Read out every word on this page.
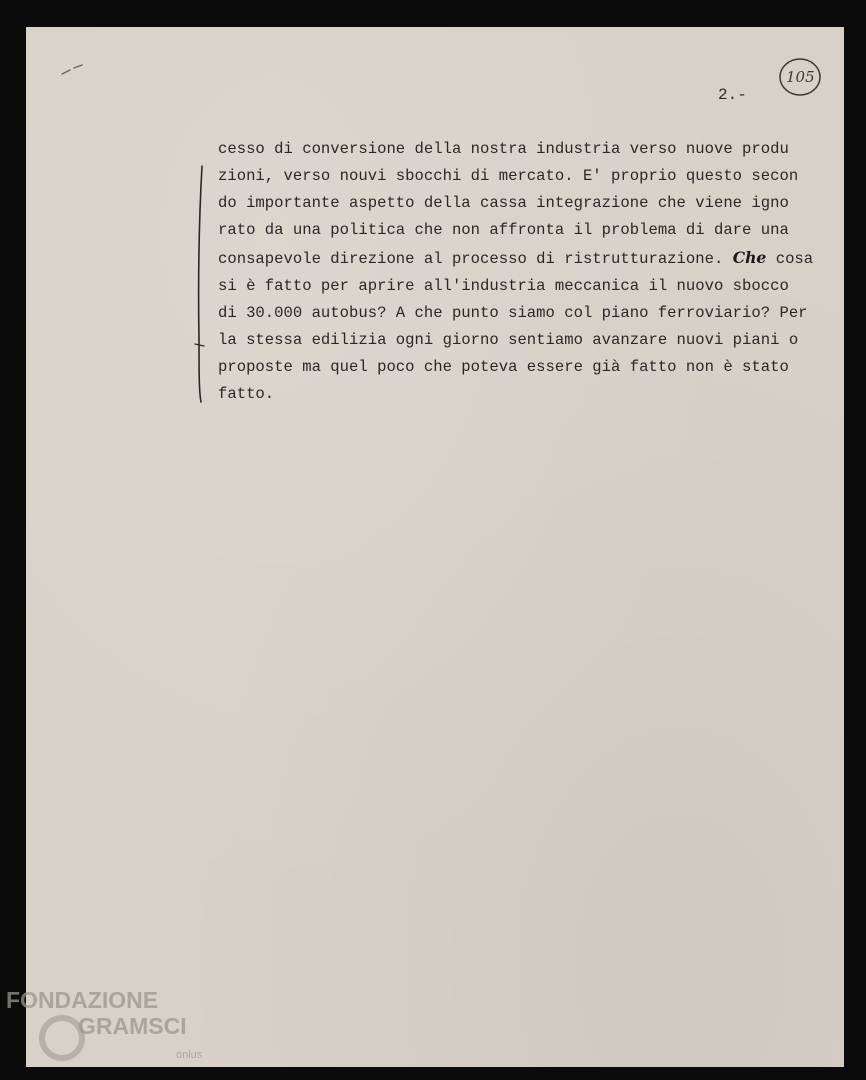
2.-

105

cesso di conversione della nostra industria verso nuove produ
zioni, verso nouvi sbocchi di mercato. E' proprio questo secon
do importante aspetto della cassa integrazione che viene igno
rato da una politica che non affronta il problema di dare una
consapevole direzione al processo di ristrutturazione. Che cosa
si è fatto per aprire all'industria meccanica il nuovo sbocco
di 30.000 autobus? A che punto siamo col piano ferroviario? Per
la stessa edilizia ogni giorno sentiamo avanzare nuovi piani o
proposte ma quel poco che poteva essere già fatto non è stato
fatto.
FONDAZIONE
GRAMSCI
onlus
